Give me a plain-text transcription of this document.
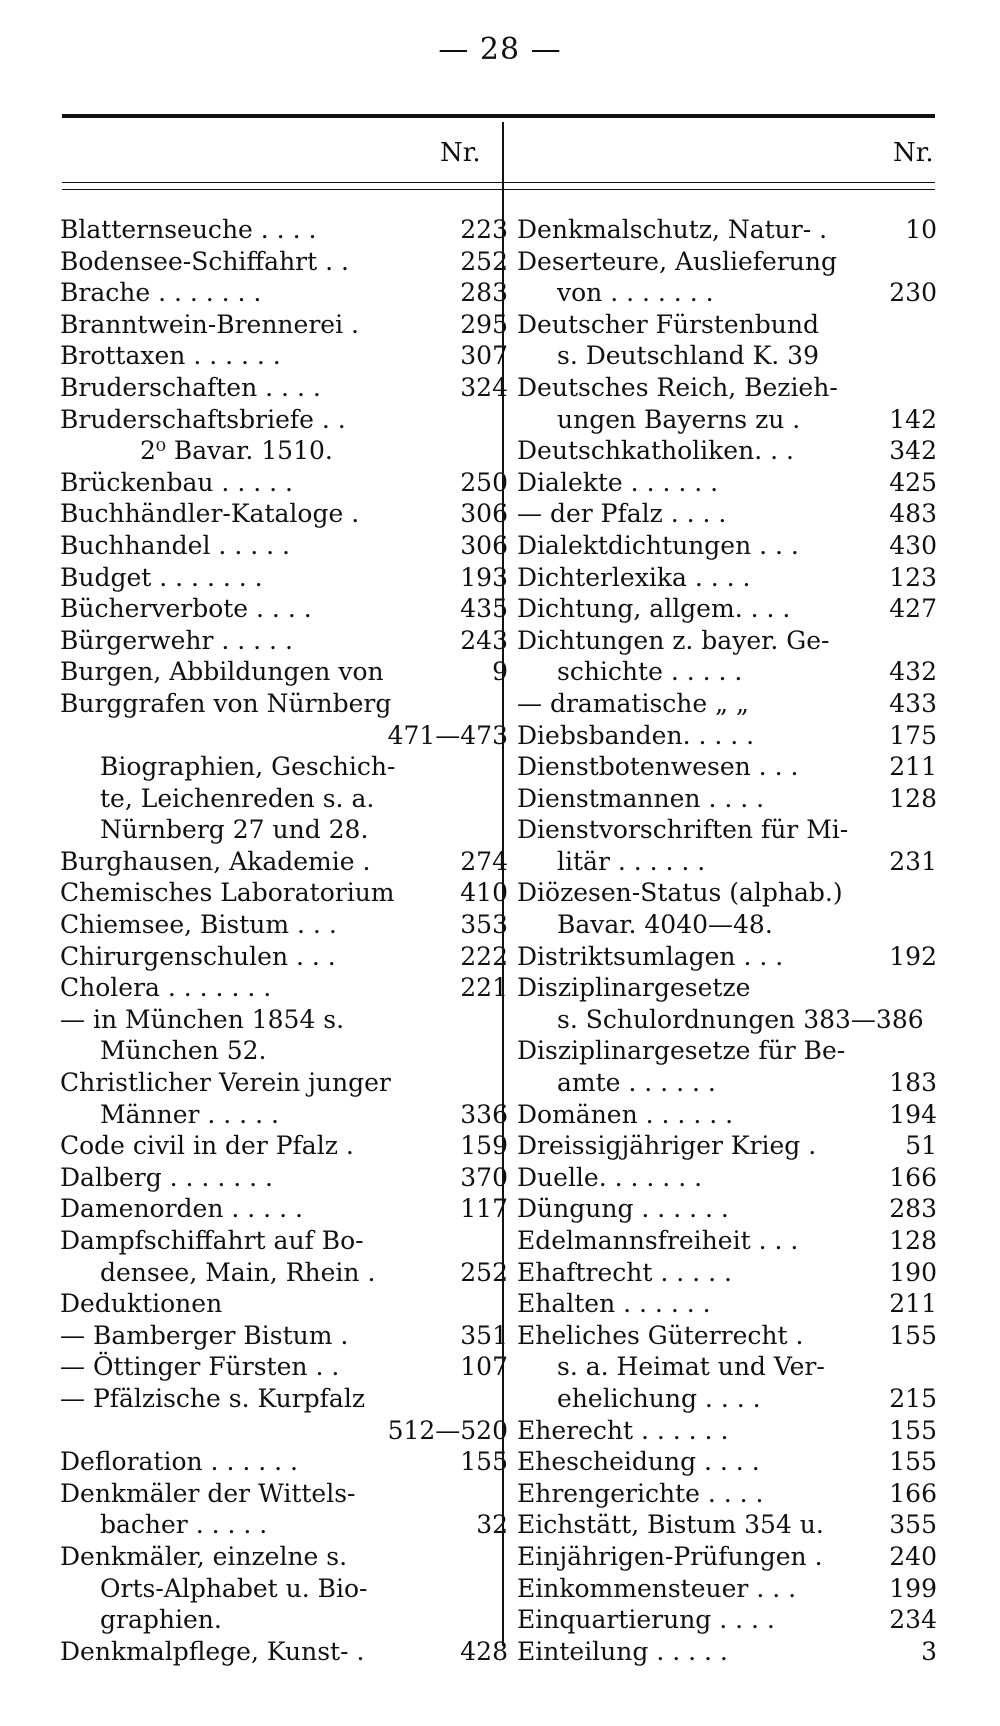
— 28 —
Nr.	Nr.
Blatternseuche . . . .	223
Bodensee-Schiffahrt . .	252
Brache . . . . . . .	283
Branntwein-Brennerei .	295
Brottaxen . . . . . .	307
Bruderschaften . . . .	324
Bruderschaftsbriefe . .
2⁰ Bavar. 1510.
Brückenbau . . . . .	250
Buchhändler-Kataloge .	306
Buchhandel . . . . .	306
Budget . . . . . . .	193
Bücherverbote . . . .	435
Bürgerwehr . . . . .	243
Burgen, Abbildungen von	9
Burggrafen von Nürnberg
471—473
Biographien, Geschich-
te, Leichenreden s. a.
Nürnberg 27 und 28.
Burghausen, Akademie .	274
Chemisches Laboratorium	410
Chiemsee, Bistum . . .	353
Chirurgenschulen . . .	222
Cholera . . . . . . .	221
— in München 1854 s.
München 52.
Christlicher Verein junger
Männer . . . . .	336
Code civil in der Pfalz .	159
Dalberg . . . . . . .	370
Damenorden . . . . .	117
Dampfschiffahrt auf Bo-
densee, Main, Rhein .	252
Deduktionen
— Bamberger Bistum .	351
— Öttinger Fürsten . .	107
— Pfälzische s. Kurpfalz
512—520
Defloration . . . . . .	155
Denkmäler der Wittels-
bacher . . . . .	32
Denkmäler, einzelne s.
Orts-Alphabet u. Bio-
graphien.
Denkmalpflege, Kunst- .	428
Denkmalschutz, Natur- .	10
Deserteure, Auslieferung
von . . . . . . .	230
Deutscher Fürstenbund
s. Deutschland K. 39
Deutsches Reich, Bezieh-
ungen Bayerns zu .	142
Deutschkatholiken. . .	342
Dialekte . . . . . .	425
— der Pfalz . . . .	483
Dialektdichtungen . . .	430
Dichterlexika . . . .	123
Dichtung, allgem. . . .	427
Dichtungen z. bayer. Ge-
schichte . . . . .	432
— dramatische „ „	433
Diebsbanden. . . . .	175
Dienstbotenwesen . . .	211
Dienstmannen . . . .	128
Dienstvorschriften für Mi-
litär . . . . . .	231
Diözesen-Status (alphab.)
Bavar. 4040—48.
Distriktsumlagen . . .	192
Disziplinargesetze
s. Schulordnungen 383—386
Disziplinargesetze für Be-
amte . . . . . .	183
Domänen . . . . . .	194
Dreissigjähriger Krieg .	51
Duelle. . . . . . .	166
Düngung . . . . . .	283
Edelmannsfreiheit . . .	128
Ehaftrecht . . . . .	190
Ehalten . . . . . .	211
Eheliches Güterrecht .	155
s. a. Heimat und Ver-
ehelichung . . . .	215
Eherecht . . . . . .	155
Ehescheidung . . . .	155
Ehrengerichte . . . .	166
Eichstätt, Bistum 354 u.	355
Einjährigen-Prüfungen .	240
Einkommensteuer . . .	199
Einquartierung . . . .	234
Einteilung . . . . .	3
